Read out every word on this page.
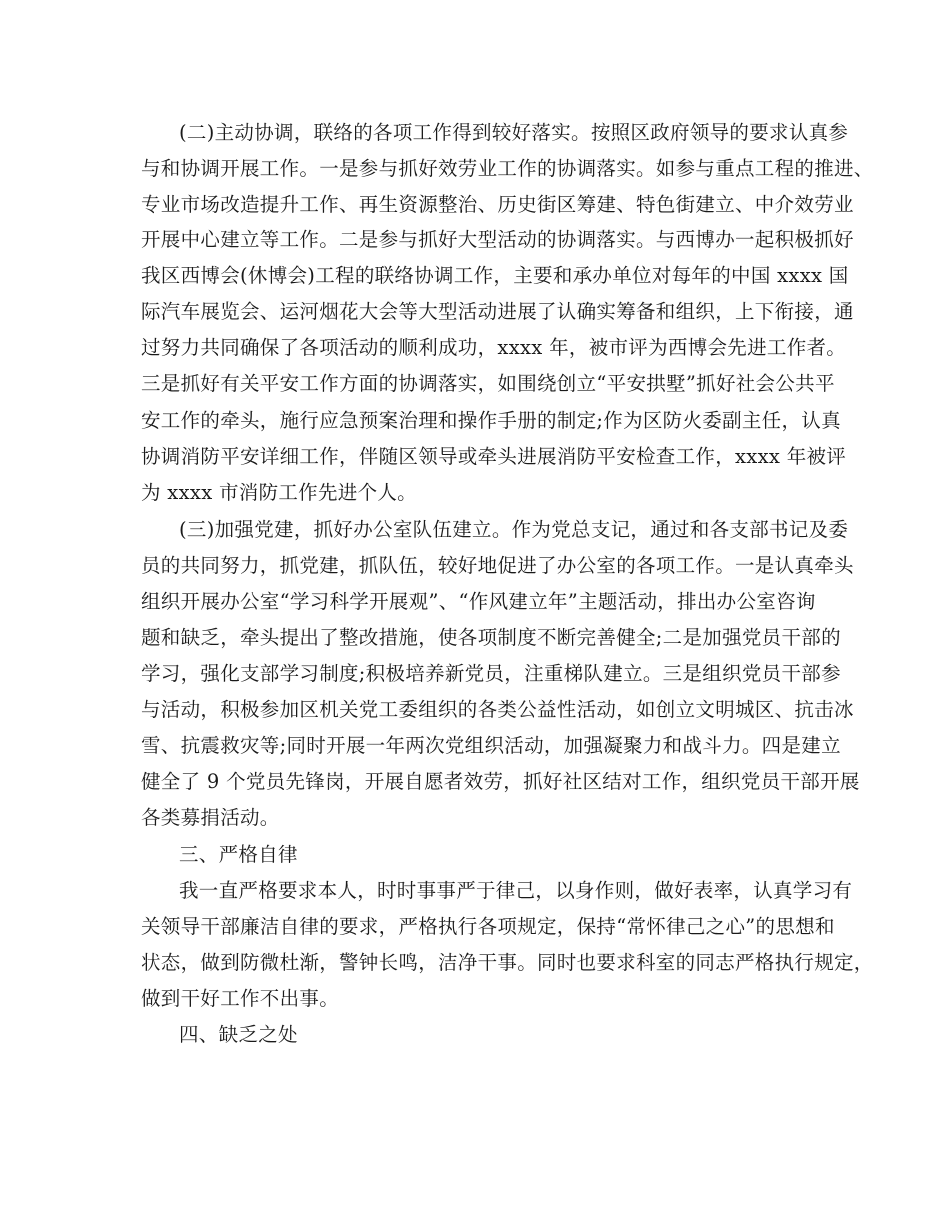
(二)主动协调，联络的各项工作得到较好落实。按照区政府领导的要求认真参
与和协调开展工作。一是参与抓好效劳业工作的协调落实。如参与重点工程的推进、
专业市场改造提升工作、再生资源整治、历史街区筹建、特色街建立、中介效劳业
开展中心建立等工作。二是参与抓好大型活动的协调落实。与西博办一起积极抓好
我区西博会(休博会)工程的联络协调工作，主要和承办单位对每年的中国 xxxx 国
际汽车展览会、运河烟花大会等大型活动进展了认确实筹备和组织，上下衔接，通
过努力共同确保了各项活动的顺利成功，xxxx 年，被市评为西博会先进工作者。
三是抓好有关平安工作方面的协调落实，如围绕创立“平安拱墅”抓好社会公共平
安工作的牵头，施行应急预案治理和操作手册的制定;作为区防火委副主任，认真
协调消防平安详细工作，伴随区领导或牵头进展消防平安检查工作，xxxx 年被评
为 xxxx 市消防工作先进个人。
(三)加强党建，抓好办公室队伍建立。作为党总支记，通过和各支部书记及委
员的共同努力，抓党建，抓队伍，较好地促进了办公室的各项工作。一是认真牵头
组织开展办公室“学习科学开展观”、“作风建立年”主题活动，排出办公室咨询
题和缺乏，牵头提出了整改措施，使各项制度不断完善健全;二是加强党员干部的
学习，强化支部学习制度;积极培养新党员，注重梯队建立。三是组织党员干部参
与活动，积极参加区机关党工委组织的各类公益性活动，如创立文明城区、抗击冰
雪、抗震救灾等;同时开展一年两次党组织活动，加强凝聚力和战斗力。四是建立
健全了 9 个党员先锋岗，开展自愿者效劳，抓好社区结对工作，组织党员干部开展
各类募捐活动。
三、严格自律
我一直严格要求本人，时时事事严于律己，以身作则，做好表率，认真学习有
关领导干部廉洁自律的要求，严格执行各项规定，保持“常怀律己之心”的思想和
状态，做到防微杜渐，警钟长鸣，洁净干事。同时也要求科室的同志严格执行规定，
做到干好工作不出事。
四、缺乏之处
